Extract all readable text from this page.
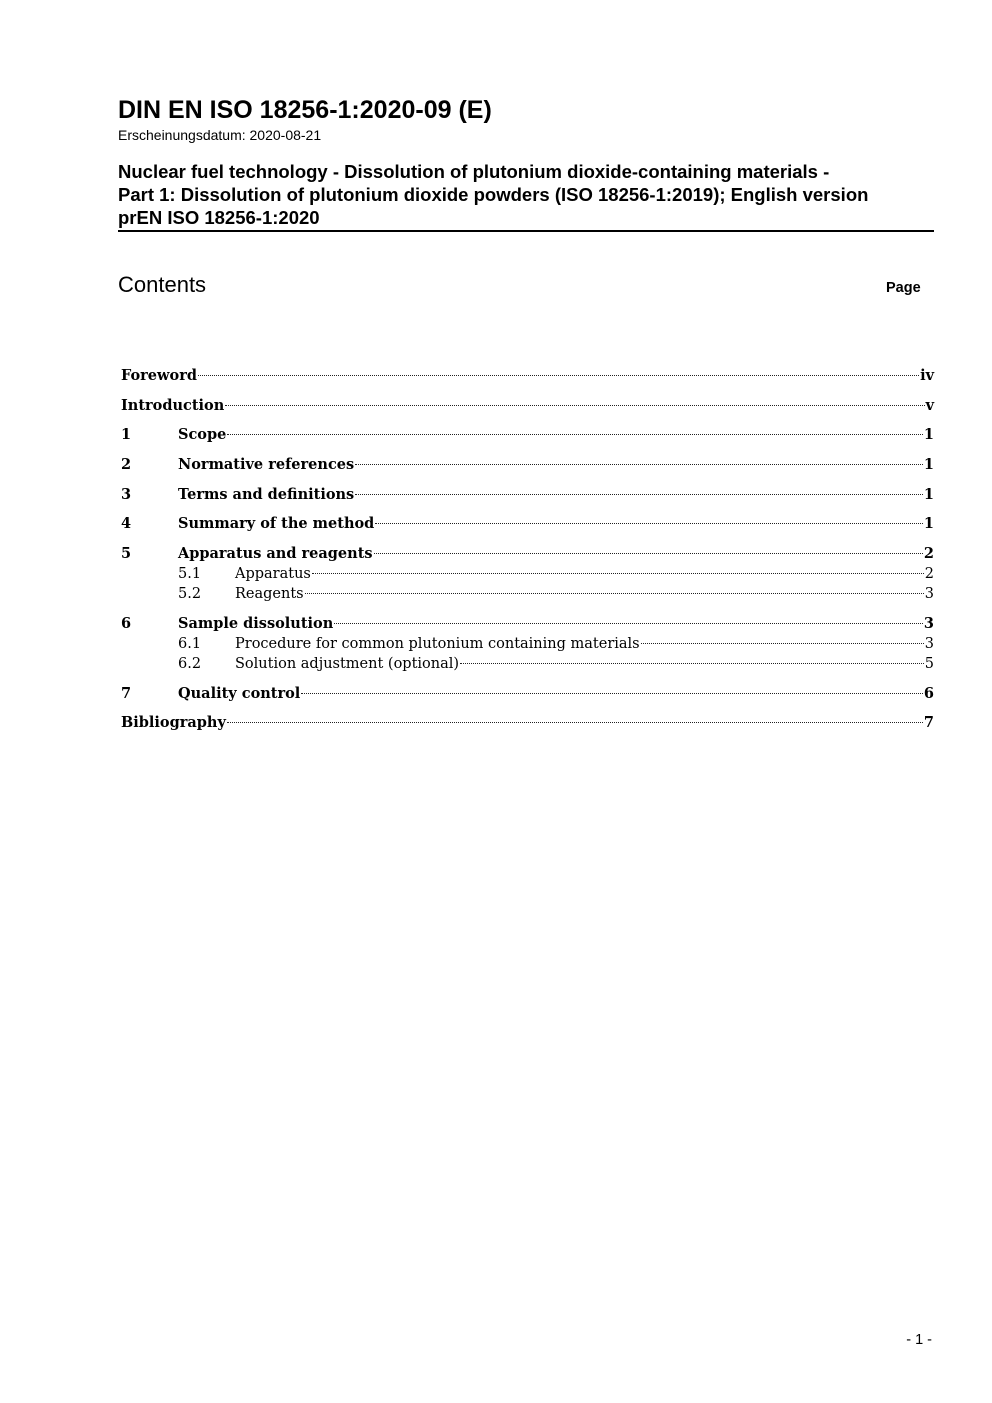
DIN EN ISO 18256-1:2020-09 (E)
Erscheinungsdatum: 2020-08-21
Nuclear fuel technology - Dissolution of plutonium dioxide-containing materials -
Part 1: Dissolution of plutonium dioxide powders (ISO 18256-1:2019); English version
prEN ISO 18256-1:2020
Contents	Page
Foreword	iv
Introduction	v
1	Scope	1
2	Normative references	1
3	Terms and definitions	1
4	Summary of the method	1
5	Apparatus and reagents	2
5.1	Apparatus	2
5.2	Reagents	3
6	Sample dissolution	3
6.1	Procedure for common plutonium containing materials	3
6.2	Solution adjustment (optional)	5
7	Quality control	6
Bibliography	7
- 1 -
